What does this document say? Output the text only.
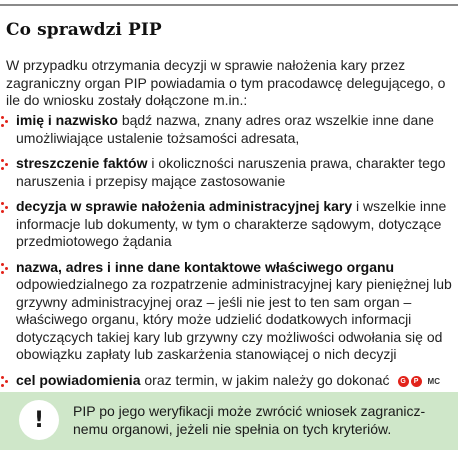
Co sprawdzi PIP

W przypadku otrzymania decyzji w sprawie nałożenia kary przez zagraniczny organ PIP powiadamia o tym pracodawcę delegującego, o ile do wniosku zostały dołączone m.in.:

imię i nazwisko bądź nazwa, znany adres oraz wszelkie inne dane umożliwiające ustalenie tożsamości adresata,
streszczenie faktów i okoliczności naruszenia prawa, charakter tego naruszenia i przepisy mające zastosowanie
decyzja w sprawie nałożenia administracyjnej kary i wszelkie inne informacje lub dokumenty, w tym o charakterze sądowym, dotyczące przedmiotowego żądania
nazwa, adres i inne dane kontaktowe właściwego organu odpowiedzialnego za rozpatrzenie administracyjnej kary pieniężnej lub grzywny administracyjnej oraz – jeśli nie jest to ten sam organ – właściwego organu, który może udzielić dodatkowych informacji dotyczących takiej kary lub grzywny czy możliwości odwołania się od obowiązku zapłaty lub zaskarżenia stanowiącej o nich decyzji
cel powiadomienia oraz termin, w jakim należy go dokonać	G	P	MC
!	PIP po jego weryfikacji może zwrócić wniosek zagranicz-nemu organowi, jeżeli nie spełnia on tych kryteriów.
